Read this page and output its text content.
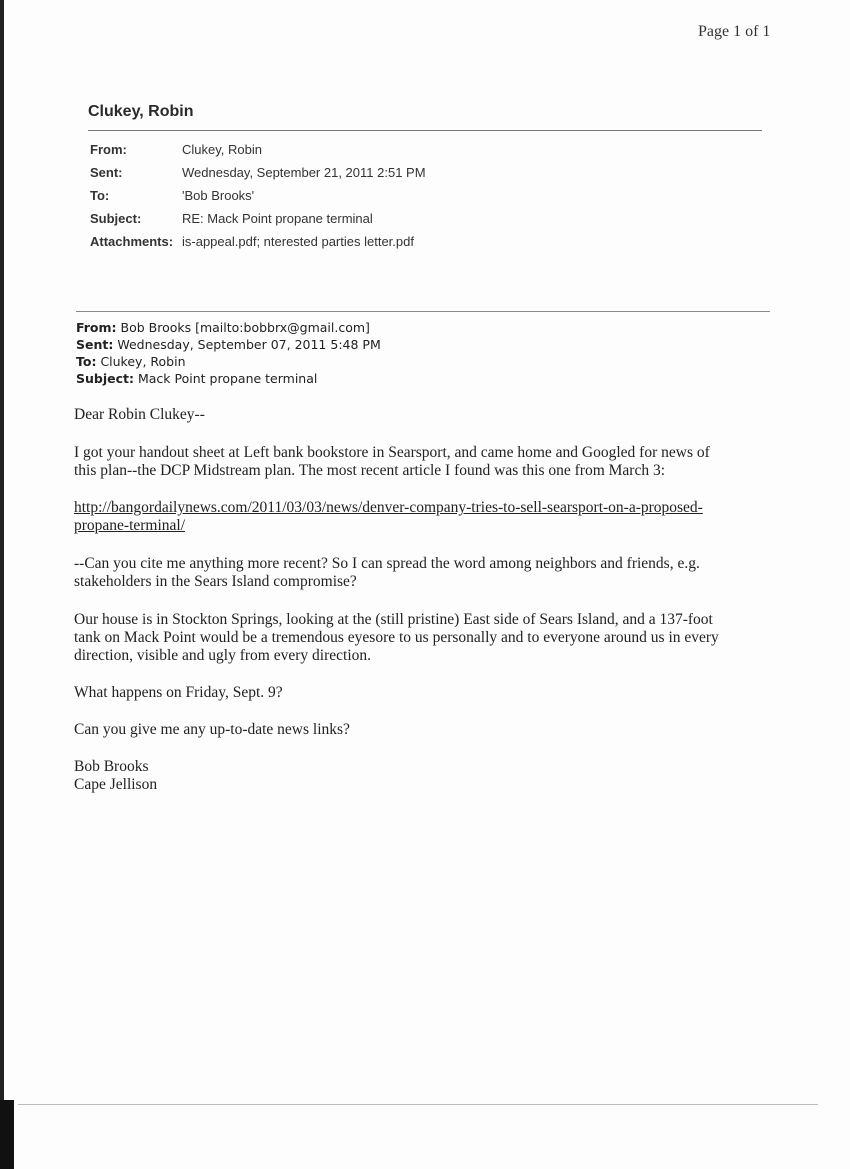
Page 1 of 1
Clukey, Robin
From:	Clukey, Robin
Sent:	Wednesday, September 21, 2011 2:51 PM
To:	'Bob Brooks'
Subject:	RE: Mack Point propane terminal
Attachments: is-appeal.pdf; nterested parties letter.pdf
From: Bob Brooks [mailto:bobbrx@gmail.com]
Sent: Wednesday, September 07, 2011 5:48 PM
To: Clukey, Robin
Subject: Mack Point propane terminal
Dear Robin Clukey--
I got your handout sheet at Left bank bookstore in Searsport, and came home and Googled for news of
this plan--the DCP Midstream plan. The most recent article I found was this one from March 3:
http://bangordailynews.com/2011/03/03/news/denver-company-tries-to-sell-searsport-on-a-proposed-
propane-terminal/
--Can you cite me anything more recent? So I can spread the word among neighbors and friends, e.g.
stakeholders in the Sears Island compromise?
Our house is in Stockton Springs, looking at the (still pristine) East side of Sears Island, and a 137-foot
tank on Mack Point would be a tremendous eyesore to us personally and to everyone around us in every
direction, visible and ugly from every direction.
What happens on Friday, Sept. 9?
Can you give me any up-to-date news links?
Bob Brooks
Cape Jellison
